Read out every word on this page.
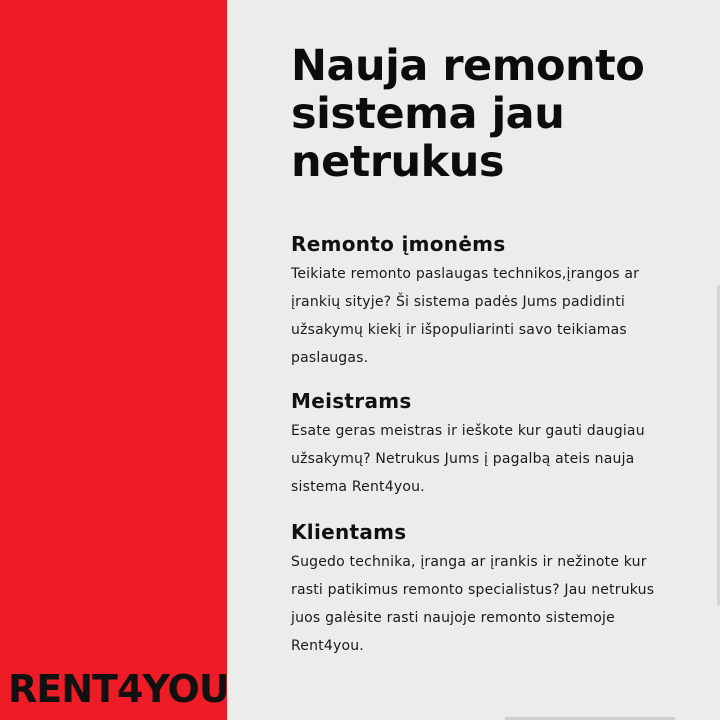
RENT4YOU
Nauja remonto sistema jau netrukus
Remonto įmonėms

Teikiate remonto paslaugas technikos,įrangos ar įrankių sityje? Ši sistema padės Jums padidinti užsakymų kiekį ir išpopuliarinti savo teikiamas paslaugas.

Meistrams

Esate geras meistras ir ieškote kur gauti daugiau užsakymų? Netrukus Jums į pagalbą ateis nauja sistema Rent4you.

Klientams

Sugedo technika, įranga ar įrankis ir nežinote kur rasti patikimus remonto specialistus? Jau netrukus juos galėsite rasti naujoje remonto sistemoje Rent4you.
